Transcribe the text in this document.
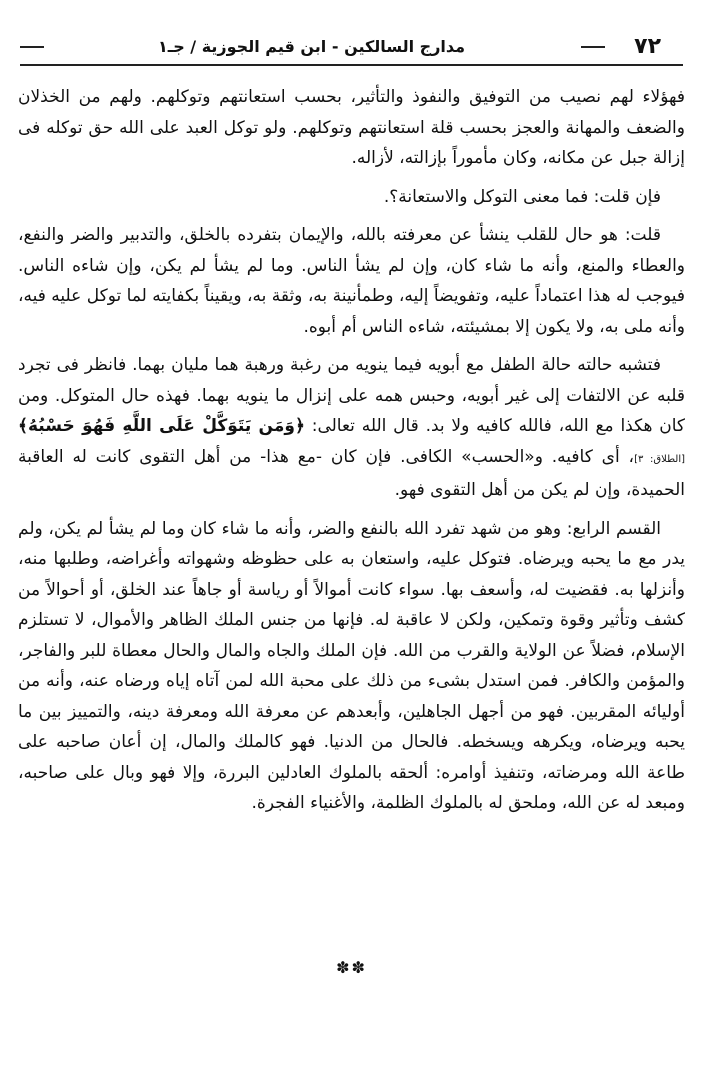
٧٢
مدارج السالكين - ابن قيم الجوزية / جـ١

فهؤلاء لهم نصيب من التوفيق والنفوذ والتأثير، بحسب استعانتهم وتوكلهم. ولهم من الخذلان والضعف والمهانة والعجز بحسب قلة استعانتهم وتوكلهم. ولو توكل العبد على الله حق توكله فى إزالة جبل عن مكانه، وكان مأموراً بإزالته، لأزاله.

فإن قلت: فما معنى التوكل والاستعانة؟.

قلت: هو حال للقلب ينشأ عن معرفته بالله، والإيمان بتفرده بالخلق، والتدبير والضر والنفع، والعطاء والمنع، وأنه ما شاء كان، وإن لم يشأ الناس. وما لم يشأ لم يكن، وإن شاءه الناس. فيوجب له هذا اعتماداً عليه، وتفويضاً إليه، وطمأنينة به، وثقة به، ويقيناً بكفايته لما توكل عليه فيه، وأنه ملى به، ولا يكون إلا بمشيئته، شاءه الناس أم أبوه.

فتشبه حالته حالة الطفل مع أبويه فيما ينويه من رغبة ورهبة هما مليان بهما. فانظر فى تجرد قلبه عن الالتفات إلى غير أبويه، وحبس همه على إنزال ما ينويه بهما. فهذه حال المتوكل. ومن كان هكذا مع الله، فالله كافيه ولا بد. قال الله تعالى: ﴿وَمَن يَتَوَكَّلْ عَلَى اللَّهِ فَهُوَ حَسْبُهُ﴾ [الطلاق: ٣]، أى كافيه. و«الحسب» الكافى. فإن كان -مع هذا- من أهل التقوى كانت له العاقبة الحميدة، وإن لم يكن من أهل التقوى فهو.

القسم الرابع: وهو من شهد تفرد الله بالنفع والضر، وأنه ما شاء كان وما لم يشأ لم يكن، ولم يدر مع ما يحبه ويرضاه. فتوكل عليه، واستعان به على حظوظه وشهواته وأغراضه، وطلبها منه، وأنزلها به. فقضيت له، وأسعف بها. سواء كانت أموالاً أو رياسة أو جاهاً عند الخلق، أو أحوالاً من كشف وتأثير وقوة وتمكين، ولكن لا عاقبة له. فإنها من جنس الملك الظاهر والأموال، لا تستلزم الإسلام، فضلاً عن الولاية والقرب من الله. فإن الملك والجاه والمال والحال معطاة للبر والفاجر، والمؤمن والكافر. فمن استدل بشىء من ذلك على محبة الله لمن آتاه إياه ورضاه عنه، وأنه من أوليائه المقربين. فهو من أجهل الجاهلين، وأبعدهم عن معرفة الله ومعرفة دينه، والتمييز بين ما يحبه ويرضاه، ويكرهه ويسخطه. فالحال من الدنيا. فهو كالملك والمال، إن أعان صاحبه على طاعة الله ومرضاته، وتنفيذ أوامره: ألحقه بالملوك العادلين البررة، وإلا فهو وبال على صاحبه، ومبعد له عن الله، وملحق له بالملوك الظلمة، والأغنياء الفجرة.

✽✽
